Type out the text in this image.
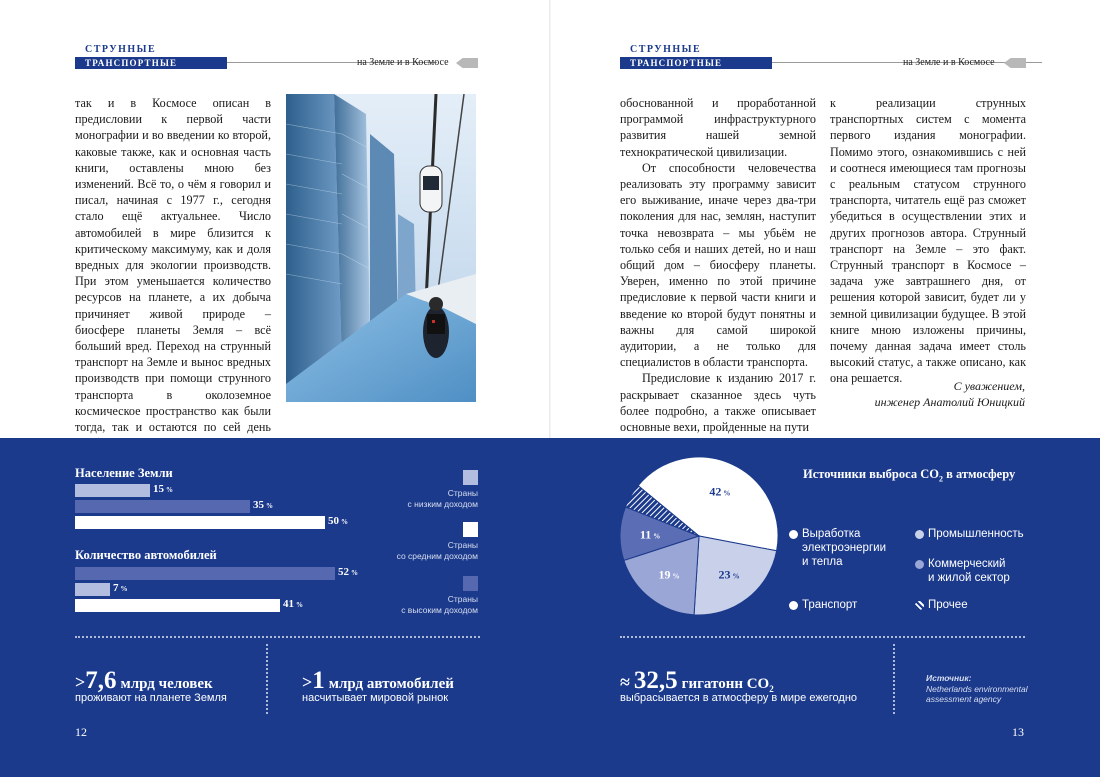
СТРУННЫЕ
ТРАНСПОРТНЫЕ СИСТЕМЫ >>
на Земле и в Космосе
СТРУННЫЕ
ТРАНСПОРТНЫЕ СИСТЕМЫ >>
на Земле и в Космосе

так и в Космосе описан в предисловии к первой части монографии и во введении ко второй, каковые также, как и основная часть книги, оставлены мною без изменений. Всё то, о чём я говорил и писал, начиная с 1977 г., сегодня стало ещё актуальнее. Число автомобилей в мире близится к критическому максимуму, как и доля вредных для экологии производств. При этом уменьшается количество ресурсов на планете, а их добыча причиняет живой природе – биосфере планеты Земля – всё больший вред. Переход на струнный транспорт на Земле и вынос вредных производств при помощи струнного транспорта в околоземное космическое пространство как были тогда, так и остаются по сей день

обоснованной и проработанной программой инфраструктурного развития нашей земной технократической цивилизации.

От способности человечества реализовать эту программу зависит его выживание, иначе через два-три поколения для нас, землян, наступит точка невозврата – мы убьём не только себя и наших детей, но и наш общий дом – биосферу планеты. Уверен, именно по этой причине предисловие к первой части книги и введение ко второй будут понятны и важны для самой широкой аудитории, а не только для специалистов в области транспорта.

Предисловие к изданию 2017 г. раскрывает сказанное здесь чуть более подробно, а также описывает основные вехи, пройденные на пути

к реализации струнных транспортных систем с момента первого издания монографии. Помимо этого, ознакомившись с ней и соотнеся имеющиеся там прогнозы с реальным статусом струнного транспорта, читатель ещё раз сможет убедиться в осуществлении этих и других прогнозов автора. Струнный транспорт на Земле – это факт. Струнный транспорт в Космосе – задача уже завтрашнего дня, от решения которой зависит, будет ли у земной цивилизации будущее. В этой книге мною изложены причины, почему данная задача имеет столь высокий статус, а также описано, как она решается.

С уважением,
инженер Анатолий Юницкий
Население Земли
15 %
35 %
50 %
Количество автомобилей
52 %
7 %
41 %
Страны
с низким доходом
Страны
со средним доходом
Страны
с высоким доходом
>7,6 млрд человек
проживают на планете Земля
>1 млрд автомобилей
насчитывает мировой рынок
≈ 32,5 гигатонн $CO_2$
выбрасывается в атмосферу в мире ежегодно
Источник:
Netherlands environmental
assessment agency
Источники выброса $CO_2$ в атмосферу
42 %
23 %
19 %
11 %	Выработка
электроэнергии
и тепла
Промышленность
Коммерческий
и жилой сектор
Транспорт	Прочее
12	13
